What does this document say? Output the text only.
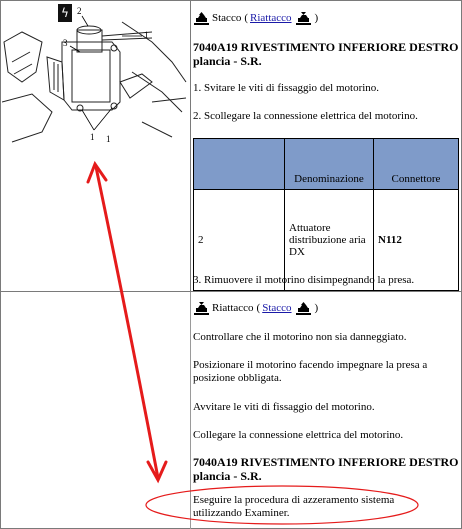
ϟ 2
3
1
1 1
Stacco ( Riattacco )

7040A19 RIVESTIMENTO INFERIORE DESTRO plancia - S.R.

1. Svitare le viti di fissaggio del motorino.

2. Scollegare la connessione elettrica del motorino.

	Denominazione	Connettore
2	Attuatore distribuzione aria DX	N112

3. Rimuovere il motorino disimpegnando la presa.

Riattacco ( Stacco )

Controllare che il motorino non sia danneggiato.

Posizionare il motorino facendo impegnare la presa a posizione obbligata.

Avvitare le viti di fissaggio del motorino.

Collegare la connessione elettrica del motorino.

7040A19 RIVESTIMENTO INFERIORE DESTRO plancia - S.R.

Eseguire la procedura di azzeramento sistema utilizzando Examiner.
